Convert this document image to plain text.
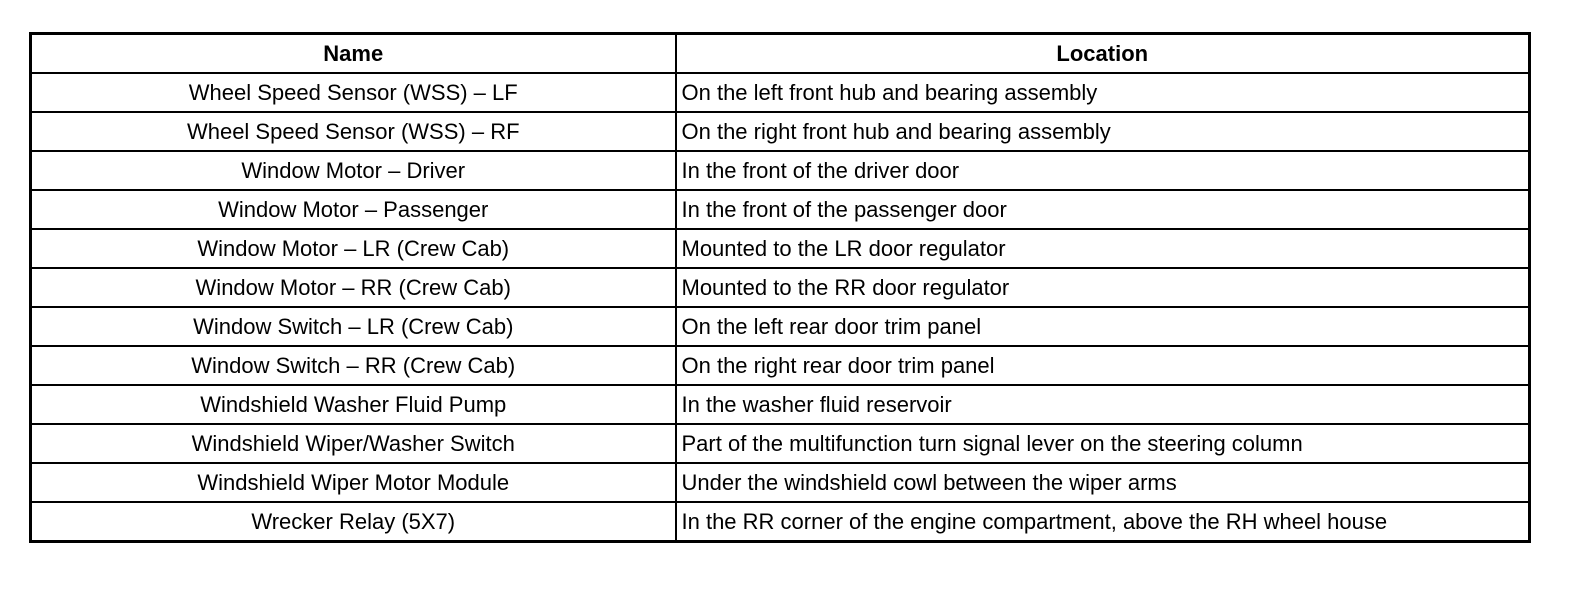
Name	Location
Wheel Speed Sensor (WSS) – LF	On the left front hub and bearing assembly
Wheel Speed Sensor (WSS) – RF	On the right front hub and bearing assembly
Window Motor – Driver	In the front of the driver door
Window Motor – Passenger	In the front of the passenger door
Window Motor – LR (Crew Cab)	Mounted to the LR door regulator
Window Motor – RR (Crew Cab)	Mounted to the RR door regulator
Window Switch – LR (Crew Cab)	On the left rear door trim panel
Window Switch – RR (Crew Cab)	On the right rear door trim panel
Windshield Washer Fluid Pump	In the washer fluid reservoir
Windshield Wiper/Washer Switch	Part of the multifunction turn signal lever on the steering column
Windshield Wiper Motor Module	Under the windshield cowl between the wiper arms
Wrecker Relay (5X7)	In the RR corner of the engine compartment, above the RH wheel house
